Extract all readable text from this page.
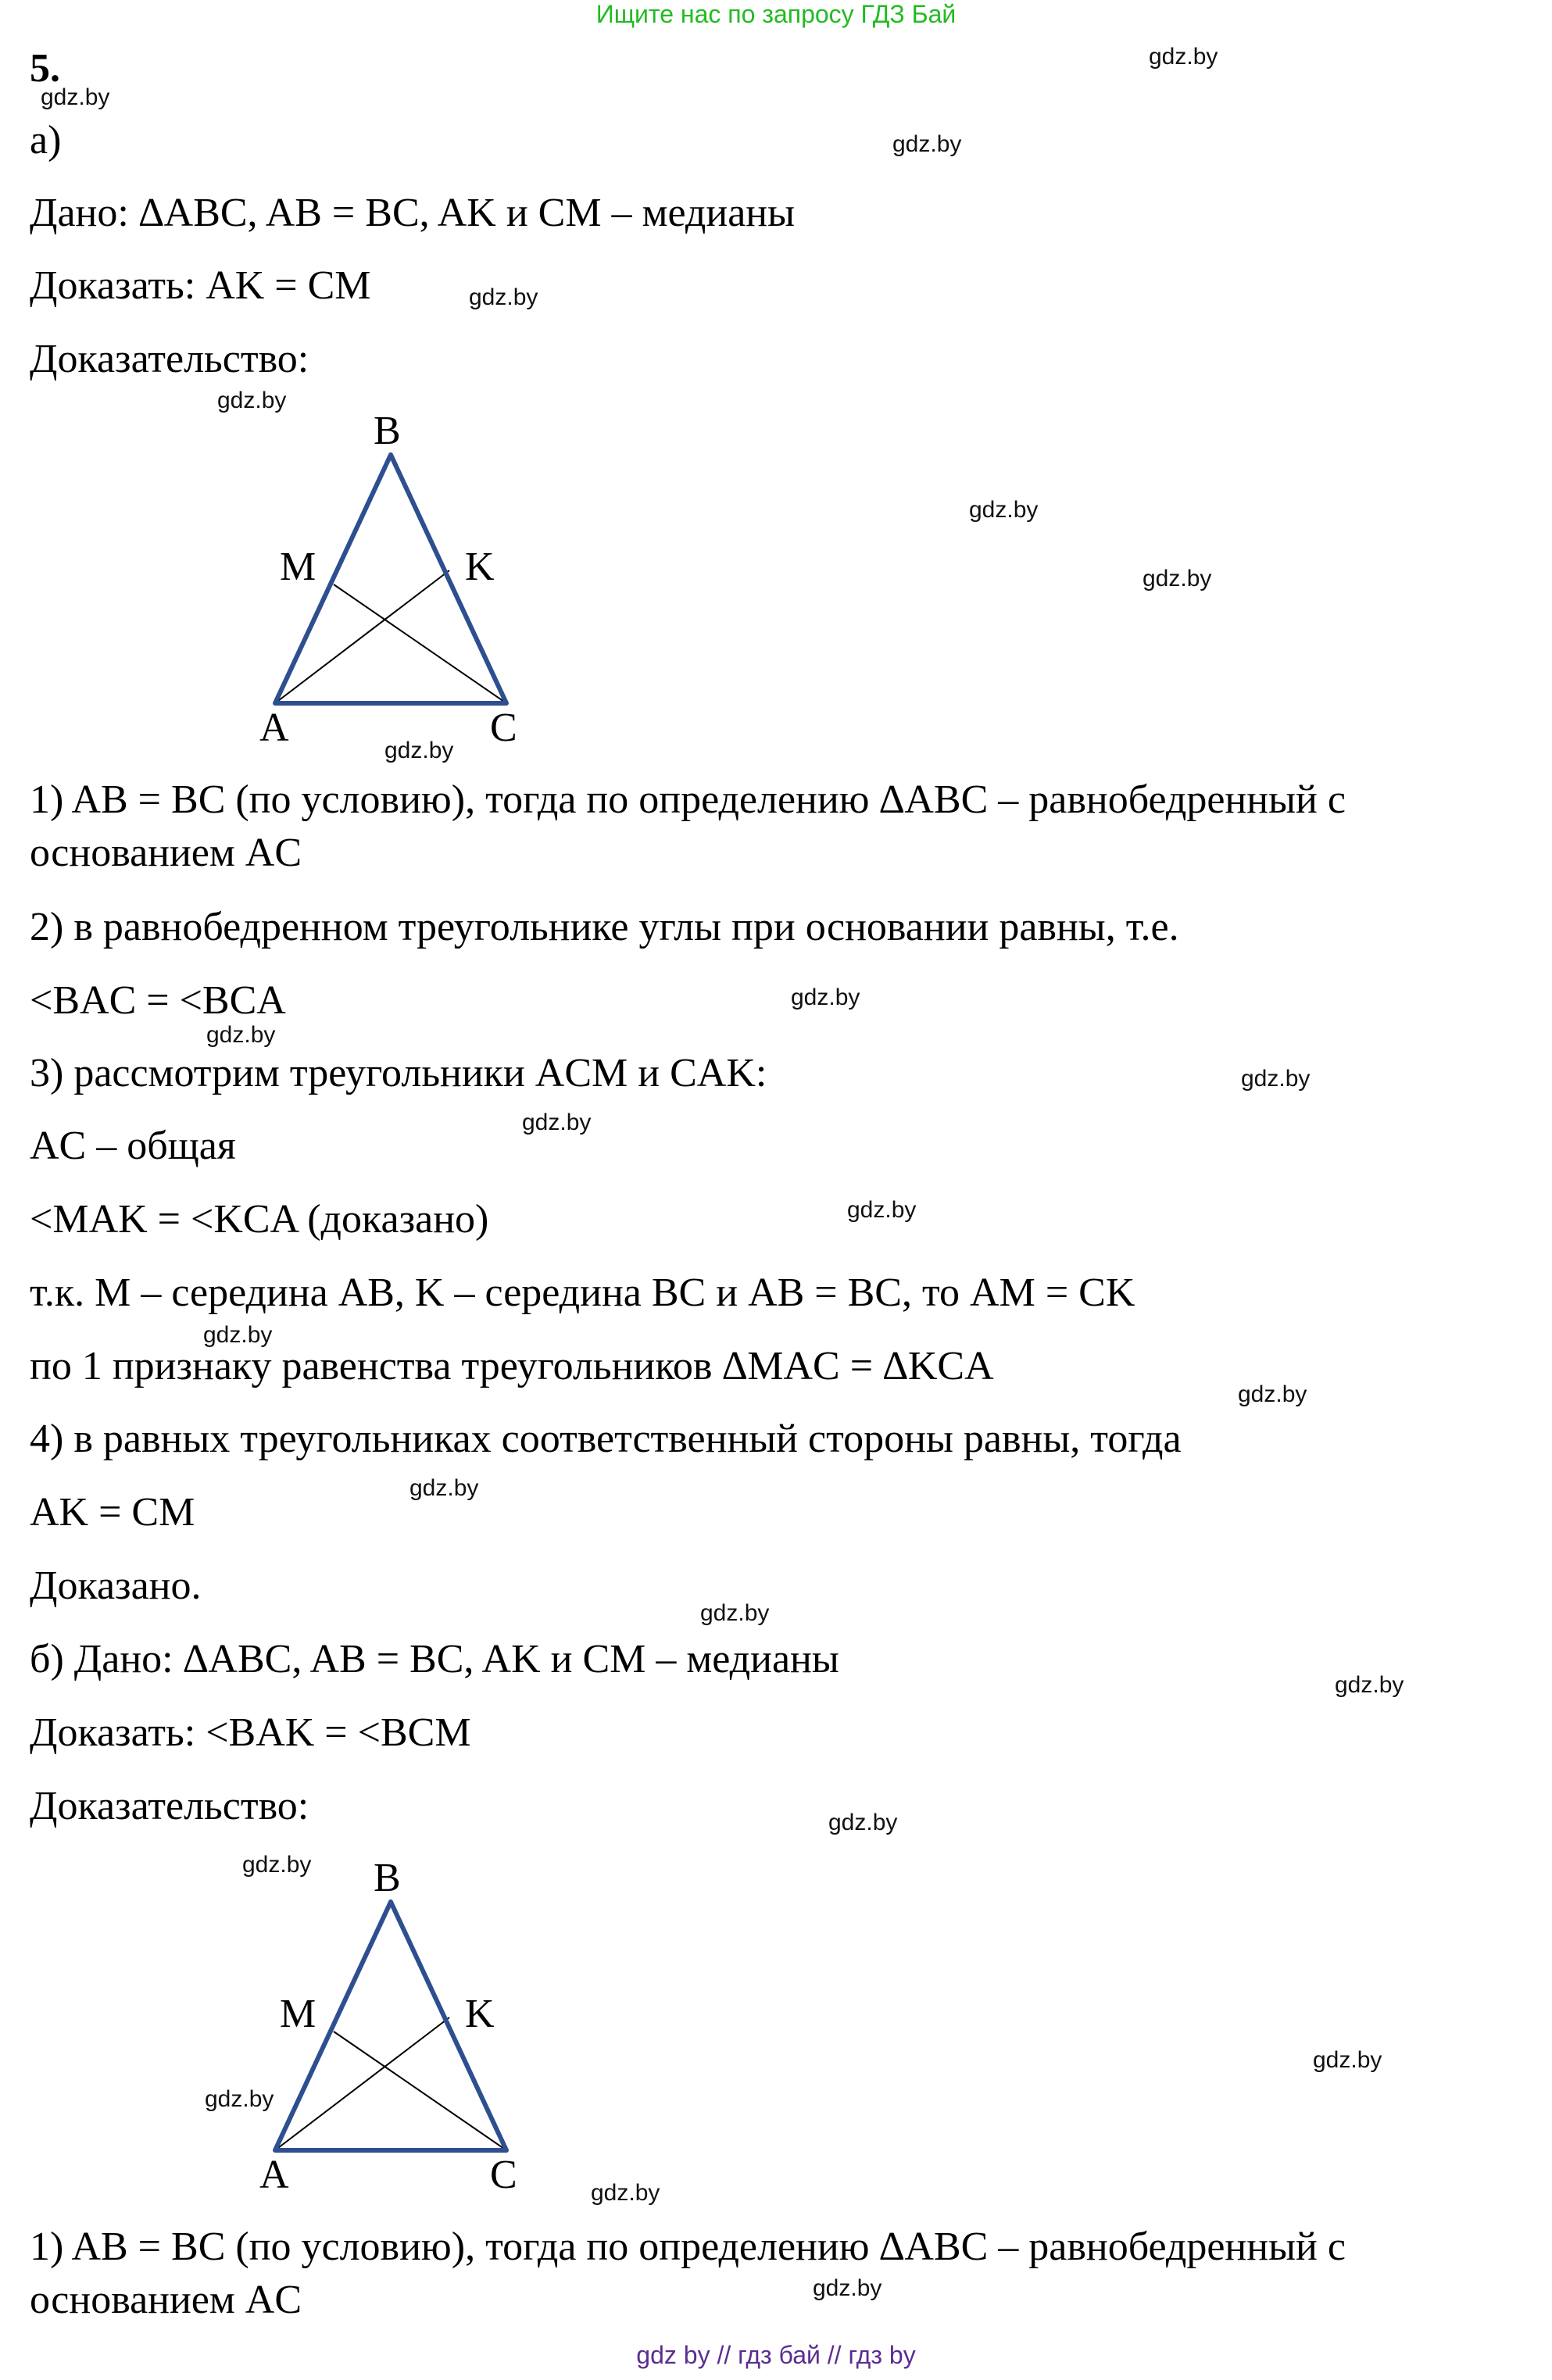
Ищите нас по запросу ГДЗ Бай
5.
а)
Дано: ∆ABC, AB = BC, AK и CM – медианы
Доказать: AK = CM
Доказательство:
B
M	K
A	C
1) AB = BC (по условию), тогда по определению ∆ABC – равнобедренный с
основанием AC
2) в равнобедренном треугольнике углы при основании равны, т.е.
<BAC = <BCA
3) рассмотрим треугольники ACM и CAK:
AC – общая
<MAK = <KCA (доказано)
т.к. M – середина AB, K – середина BC и AB = BC, то AM = CK
по 1 признаку равенства треугольников ∆MAC = ∆KCA
4) в равных треугольниках соответственный стороны равны, тогда
AK = CM
Доказано.
б) Дано: ∆ABC, AB = BC, AK и CM – медианы
Доказать: <BAK = <BCM
Доказательство:
B
M	K
A	C
1) AB = BC (по условию), тогда по определению ∆ABC – равнобедренный с
основанием AC
gdz.by
gdz.by
gdz.by
gdz.by
gdz.by
gdz.by
gdz.by
gdz.by
gdz.by
gdz.by
gdz.by
gdz.by
gdz.by
gdz.by
gdz.by
gdz.by
gdz.by
gdz.by
gdz.by
gdz.by
gdz.by
gdz.by
gdz.by
gdz.by
gdz by // гдз бай // гдз by
